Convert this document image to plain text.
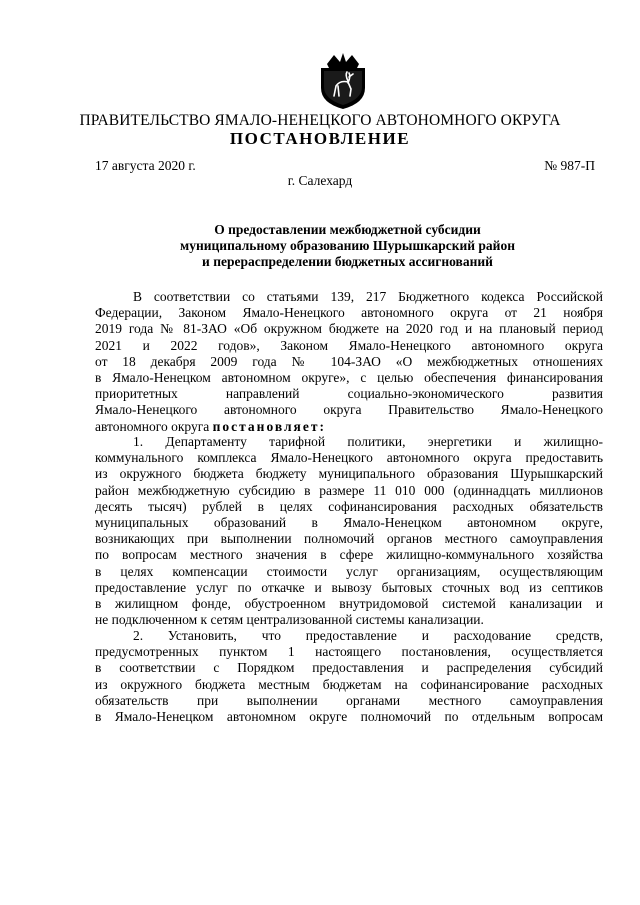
ПРАВИТЕЛЬСТВО ЯМАЛО-НЕНЕЦКОГО АВТОНОМНОГО ОКРУГА
ПОСТАНОВЛЕНИЕ
17 августа 2020 г.	№ 987-П
г. Салехард
О предоставлении межбюджетной субсидии
муниципальному образованию Шурышкарский район
и перераспределении бюджетных ассигнований
В соответствии со статьями 139, 217 Бюджетного кодекса Российской
Федерации, Законом Ямало-Ненецкого автономного округа от 21 ноября
2019 года № 81-ЗАО «Об окружном бюджете на 2020 год и на плановый период
2021 и 2022 годов», Законом Ямало-Ненецкого автономного округа
от 18 декабря 2009 года № 104-ЗАО «О межбюджетных отношениях
в Ямало-Ненецком автономном округе», с целью обеспечения финансирования
приоритетных направлений социально-экономического развития
Ямало-Ненецкого автономного округа Правительство Ямало-Ненецкого
автономного округа постановляет:
1. Департаменту тарифной политики, энергетики и жилищно-
коммунального комплекса Ямало-Ненецкого автономного округа предоставить
из окружного бюджета бюджету муниципального образования Шурышкарский
район межбюджетную субсидию в размере 11 010 000 (одиннадцать миллионов
десять тысяч) рублей в целях софинансирования расходных обязательств
муниципальных образований в Ямало-Ненецком автономном округе,
возникающих при выполнении полномочий органов местного самоуправления
по вопросам местного значения в сфере жилищно-коммунального хозяйства
в целях компенсации стоимости услуг организациям, осуществляющим
предоставление услуг по откачке и вывозу бытовых сточных вод из септиков
в жилищном фонде, обустроенном внутридомовой системой канализации и
не подключенном к сетям централизованной системы канализации.
2. Установить, что предоставление и расходование средств,
предусмотренных пунктом 1 настоящего постановления, осуществляется
в соответствии с Порядком предоставления и распределения субсидий
из окружного бюджета местным бюджетам на софинансирование расходных
обязательств при выполнении органами местного самоуправления
в Ямало-Ненецком автономном округе полномочий по отдельным вопросам
